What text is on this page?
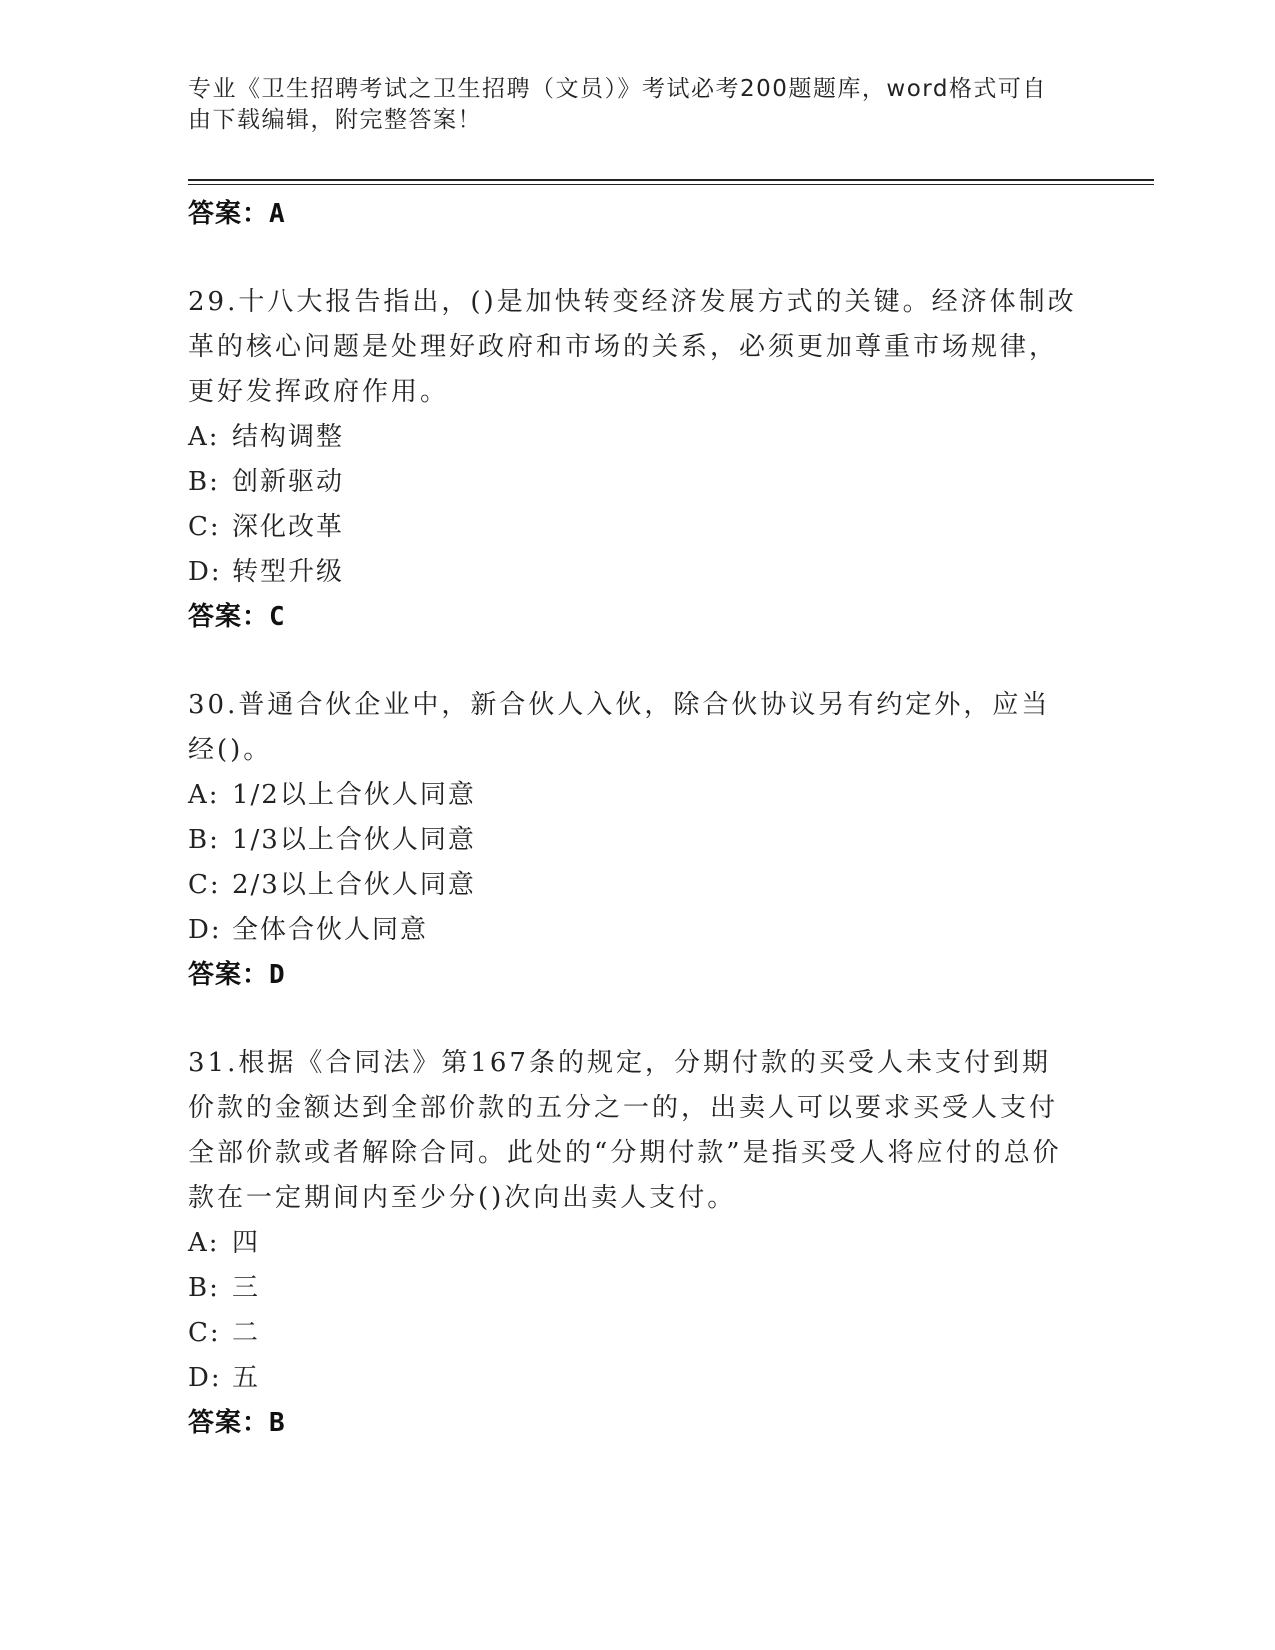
专业《卫生招聘考试之卫生招聘（文员）》考试必考200题题库，word格式可自由下载编辑，附完整答案！
答案：A
29.十八大报告指出，()是加快转变经济发展方式的关键。经济体制改革的核心问题是处理好政府和市场的关系，必须更加尊重市场规律，更好发挥政府作用。
A: 结构调整
B: 创新驱动
C: 深化改革
D: 转型升级
答案：C
30.普通合伙企业中，新合伙人入伙，除合伙协议另有约定外，应当经()。
A: 1/2以上合伙人同意
B: 1/3以上合伙人同意
C: 2/3以上合伙人同意
D: 全体合伙人同意
答案：D
31.根据《合同法》第167条的规定，分期付款的买受人未支付到期价款的金额达到全部价款的五分之一的，出卖人可以要求买受人支付全部价款或者解除合同。此处的“分期付款”是指买受人将应付的总价款在一定期间内至少分()次向出卖人支付。
A: 四
B: 三
C: 二
D: 五
答案：B
